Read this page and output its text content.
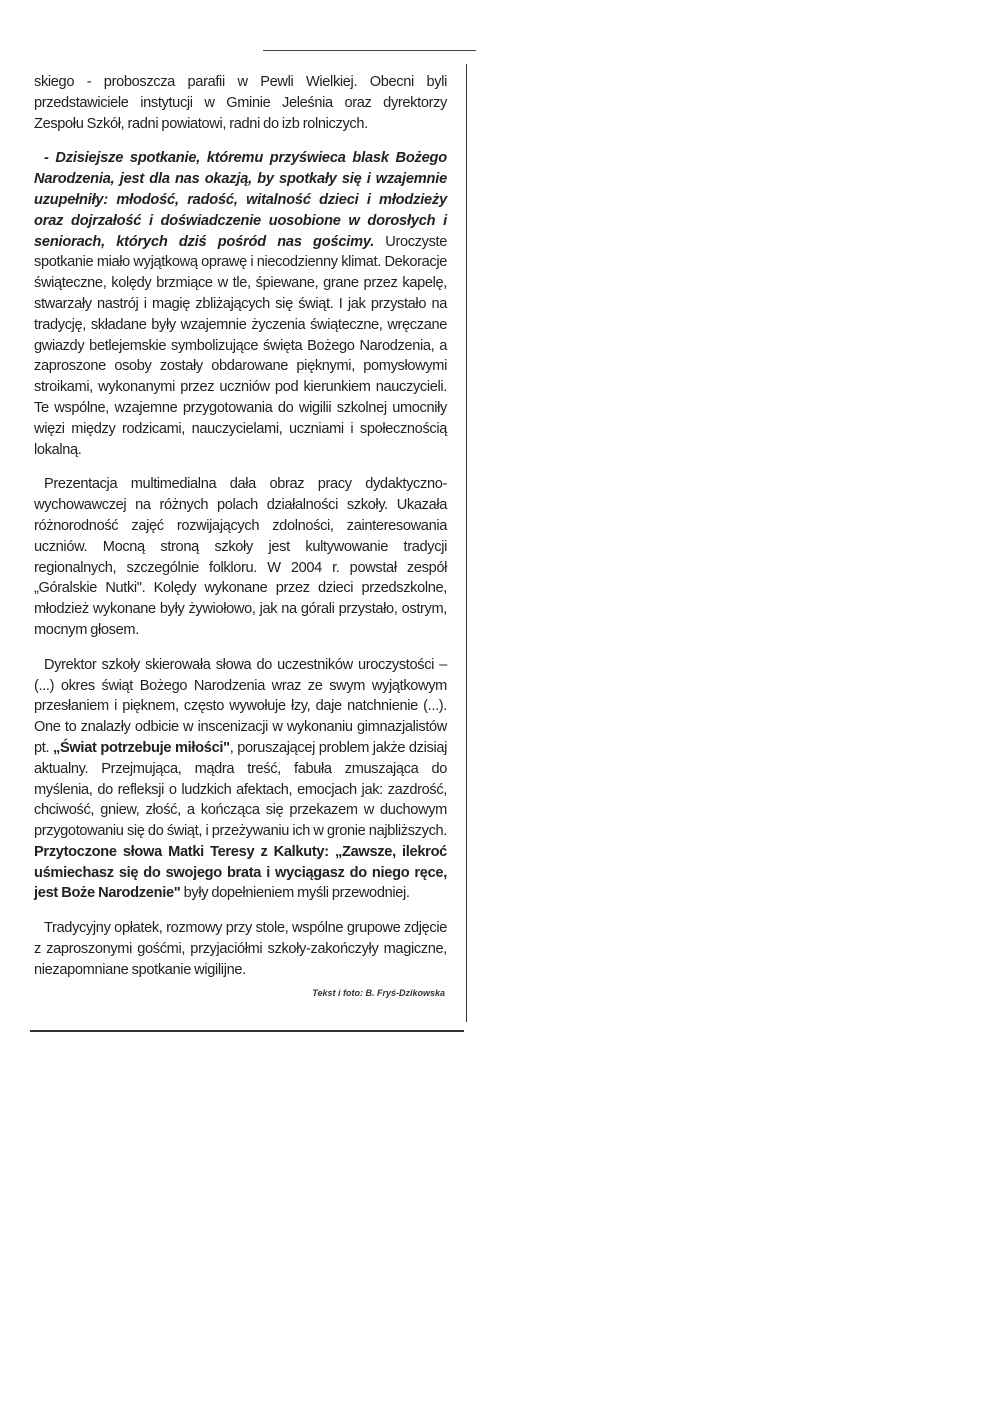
skiego - proboszcza parafii w Pewli Wielkiej. Obecni byli przedstawiciele instytucji w Gminie Jeleśnia oraz dyrektorzy Zespołu Szkół, radni powiatowi, radni do izb rolniczych.

- Dzisiejsze spotkanie, któremu przyświeca blask Bożego Narodzenia, jest dla nas okazją, by spotkały się i wzajemnie uzupełniły: młodość, radość, witalność dzieci i młodzieży oraz dojrzałość i doświadczenie uosobione w dorosłych i seniorach, których dziś pośród nas gościmy. Uroczyste spotkanie miało wyjątkową oprawę i niecodzienny klimat. Dekoracje świąteczne, kolędy brzmiące w tle, śpiewane, grane przez kapelę, stwarzały nastrój i magię zbliżających się świąt. I jak przystało na tradycję, składane były wzajemnie życzenia świąteczne, wręczane gwiazdy betlejemskie symbolizujące święta Bożego Narodzenia, a zaproszone osoby zostały obdarowane pięknymi, pomysłowymi stroikami, wykonanymi przez uczniów pod kierunkiem nauczycieli. Te wspólne, wzajemne przygotowania do wigilii szkolnej umocniły więzi między rodzicami, nauczycielami, uczniami i społecznością lokalną.

Prezentacja multimedialna dała obraz pracy dydaktyczno-wychowawczej na różnych polach działalności szkoły. Ukazała różnorodność zajęć rozwijających zdolności, zainteresowania uczniów. Mocną stroną szkoły jest kultywowanie tradycji regionalnych, szczególnie folkloru. W 2004 r. powstał zespół „Góralskie Nutki". Kolędy wykonane przez dzieci przedszkolne, młodzież wykonane były żywiołowo, jak na górali przystało, ostrym, mocnym głosem.

Dyrektor szkoły skierowała słowa do uczestników uroczystości –(...) okres świąt Bożego Narodzenia wraz ze swym wyjątkowym przesłaniem i pięknem, często wywołuje łzy, daje natchnienie (...). One to znalazły odbicie w inscenizacji w wykonaniu gimnazjalistów pt. „Świat potrzebuje miłości", poruszającej problem jakże dzisiaj aktualny. Przejmująca, mądra treść, fabuła zmuszająca do myślenia, do refleksji o ludzkich afektach, emocjach jak: zazdrość, chciwość, gniew, złość, a kończąca się przekazem w duchowym przygotowaniu się do świąt, i przeżywaniu ich w gronie najbliższych. Przytoczone słowa Matki Teresy z Kalkuty: „Zawsze, ilekroć uśmiechasz się do swojego brata i wyciągasz do niego ręce, jest Boże Narodzenie" były dopełnieniem myśli przewodniej.

Tradycyjny opłatek, rozmowy przy stole, wspólne grupowe zdjęcie z zaproszonymi gośćmi, przyjaciółmi szkoły-zakończyły magiczne, niezapomniane spotkanie wigilijne.

Tekst i foto: B. Fryś-Dzikowska
